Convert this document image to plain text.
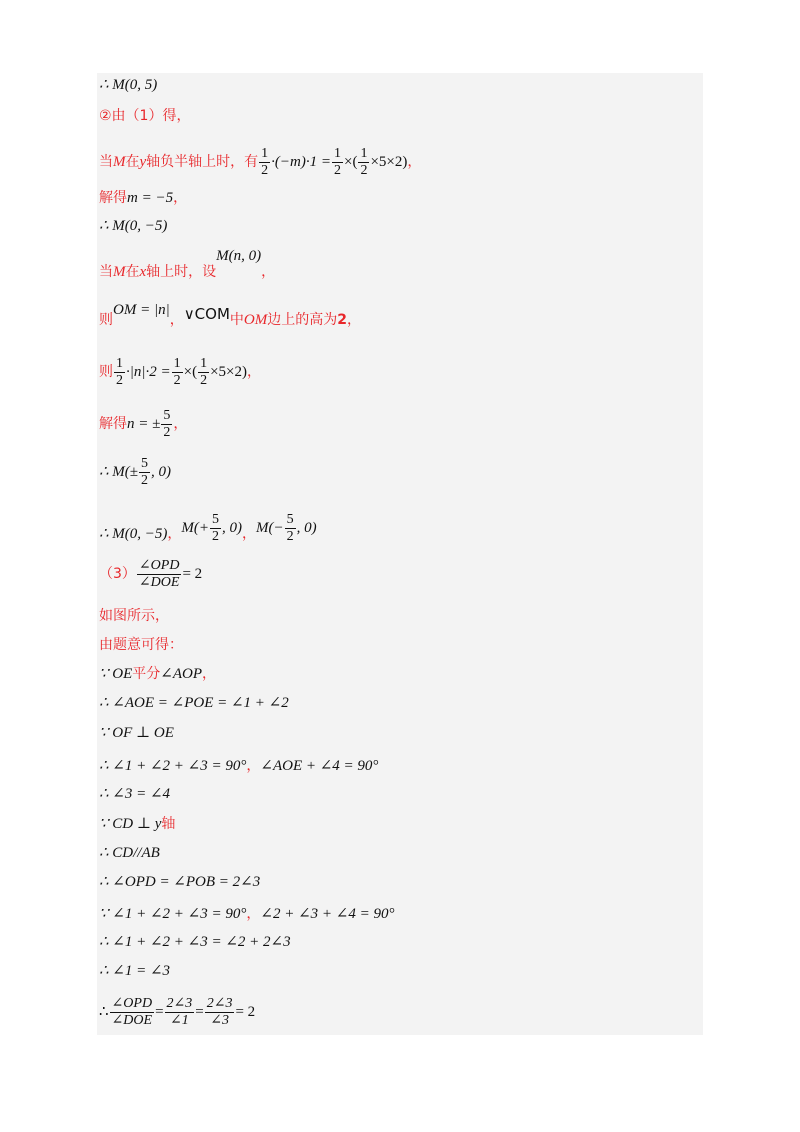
∴ M(0, 5)
②由（1）得，
当 M 在 y 轴负半轴上时，有 $\frac{1}{2} \cdot(-m)\cdot 1 = \frac{1}{2}$ ×( $\frac{1}{2} \times 5\times 2$) ，
解得 m = −5 ，
∴ M(0, −5)
当 M 在 x 轴上时，设
M(n, 0)
，
则
OM = |n|
， ∨COM 中 OM 边上的高为 2 ，
则 $\frac{1}{2} \cdot|n|\cdot 2 = \frac{1}{2}$ ×( $\frac{1}{2} \times 5\times 2$) ，
解得 n = ± $\frac{5}{2}$ ，
∴ $M(\pm \frac{5}{2}$ , 0)
∴ M(0, −5) ， $M(+ \frac{5}{2}$ , 0) ， $M(- \frac{5}{2}$ , 0)
$(3) \frac{\text{∠OPD}}{\text{∠DOE}} = 2$
如图所示，
由题意可得：
∵ OE 平分 ∠AOP ，
∴ ∠AOE = ∠POE = ∠1 + ∠2
∵ OF ⊥ OE
∴ ∠1 + ∠2 + ∠3 = 90° ， ∠AOE + ∠4 = 90°
∴ ∠3 = ∠4
∵ CD ⊥ y 轴
∴ CD//AB
∴ ∠OPD = ∠POB = 2∠3
∵ ∠1 + ∠2 + ∠3 = 90° ， ∠2 + ∠3 + ∠4 = 90°
∴ ∠1 + ∠2 + ∠3 = ∠2 + 2∠3
∴ ∠1 = ∠3
∴ $\frac{\text{∠OPD}}{\text{∠DOE}} = \frac{2\angle 3}{\angle 1} = \frac{2\angle 3}{\angle 3} = 2$
